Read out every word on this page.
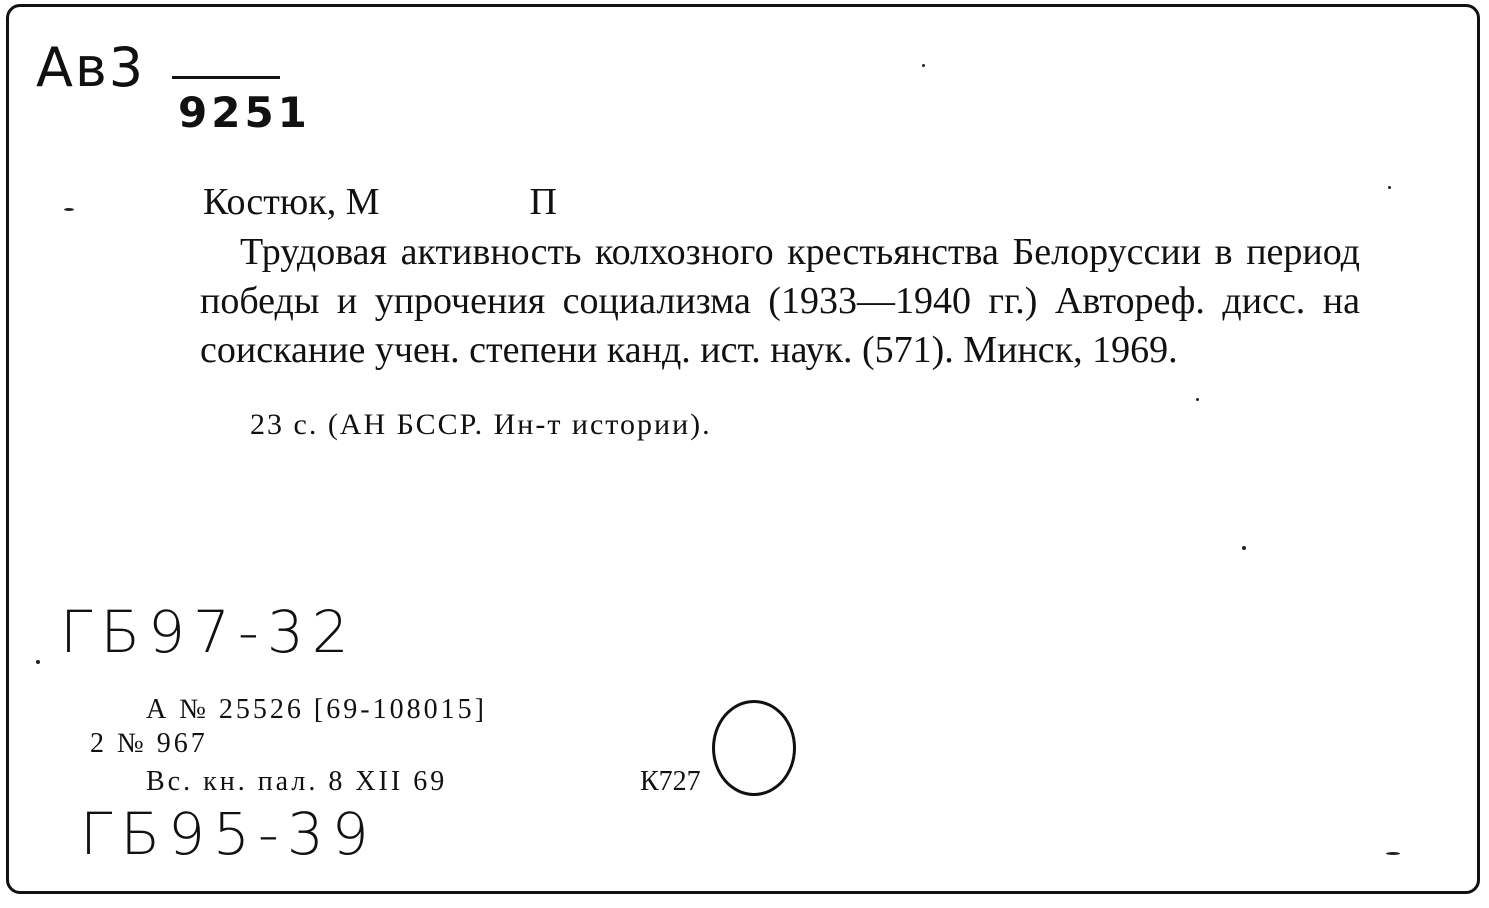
Ав3
9251
Костюк, М	П
Трудовая активность колхозного крестьянства Белоруссии в период победы и упрочения социализма (1933—1940 гг.) Автореф. дисс. на соискание учен. степени канд. ист. наук. (571). Минск, 1969.
23 с. (АН БССР. Ин-т истории).
ГБ97-32
А № 25526 [69-108015]
2 № 967
Вс. кн. пал. 8 XII 69	К727
ГБ95-39
